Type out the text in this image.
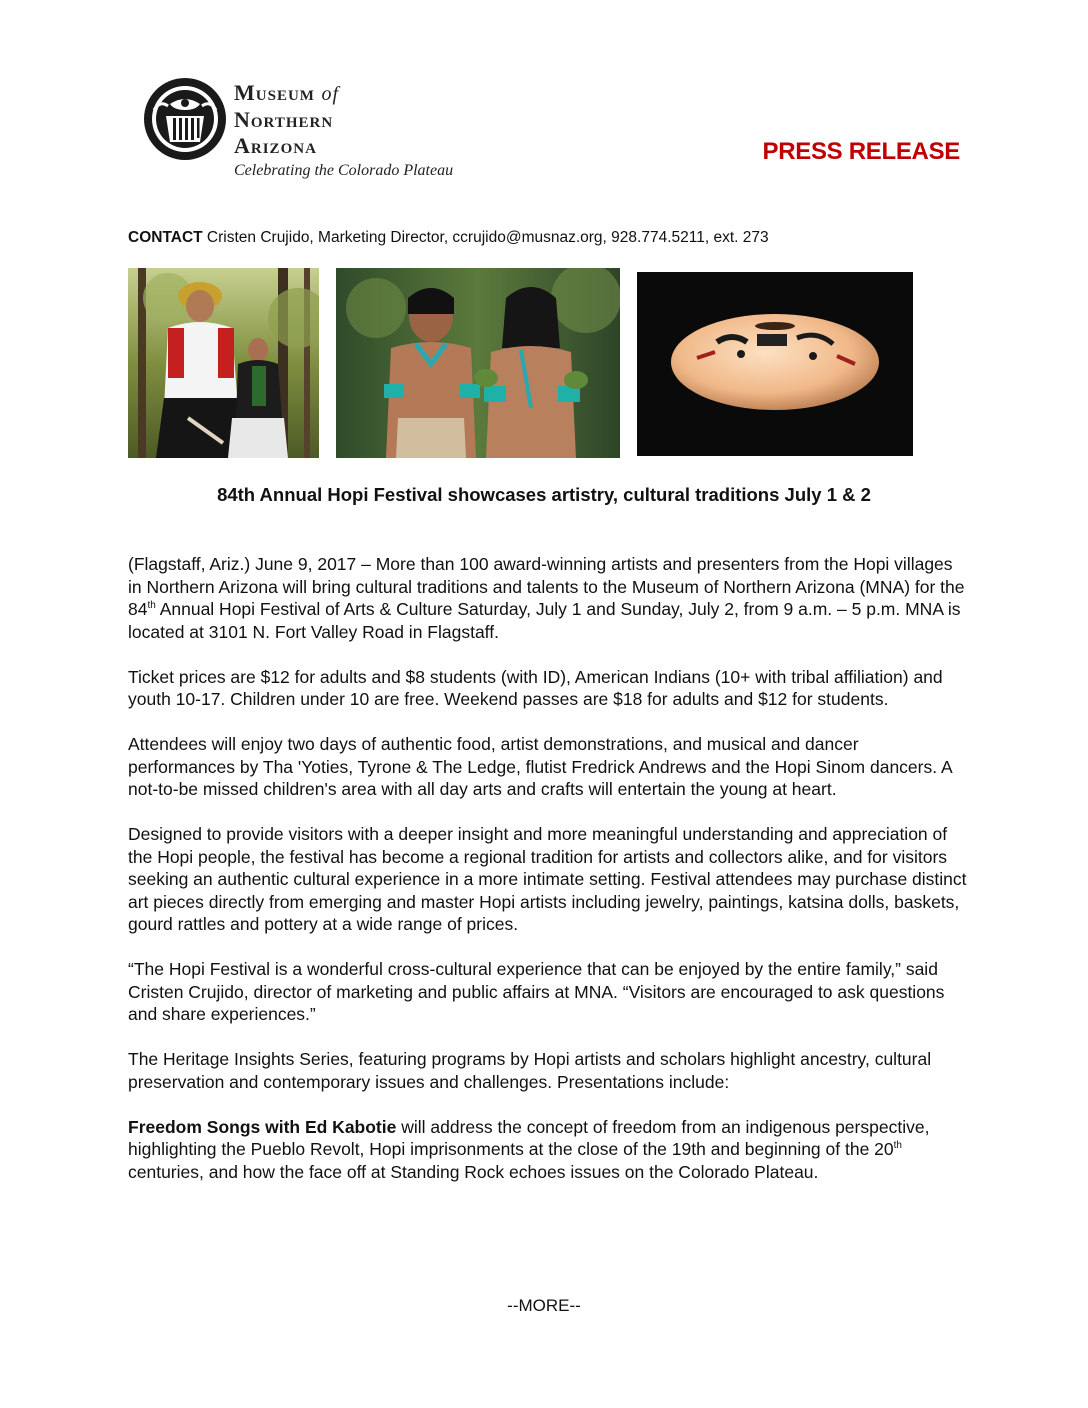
Museum of
Northern
Arizona
Celebrating the Colorado Plateau
PRESS RELEASE
CONTACT Cristen Crujido, Marketing Director, ccrujido@musnaz.org, 928.774.5211, ext. 273
84th Annual Hopi Festival showcases artistry, cultural traditions July 1 & 2

(Flagstaff, Ariz.) June 9, 2017 – More than 100 award-winning artists and presenters from the Hopi villages in Northern Arizona will bring cultural traditions and talents to the Museum of Northern Arizona (MNA) for the 84th Annual Hopi Festival of Arts & Culture Saturday, July 1 and Sunday, July 2, from 9 a.m. – 5 p.m. MNA is located at 3101 N. Fort Valley Road in Flagstaff.

Ticket prices are $12 for adults and $8 students (with ID), American Indians (10+ with tribal affiliation) and youth 10-17. Children under 10 are free. Weekend passes are $18 for adults and $12 for students.

Attendees will enjoy two days of authentic food, artist demonstrations, and musical and dancer performances by Tha 'Yoties, Tyrone & The Ledge, flutist Fredrick Andrews and the Hopi Sinom dancers. A not-to-be missed children's area with all day arts and crafts will entertain the young at heart.

Designed to provide visitors with a deeper insight and more meaningful understanding and appreciation of the Hopi people, the festival has become a regional tradition for artists and collectors alike, and for visitors seeking an authentic cultural experience in a more intimate setting. Festival attendees may purchase distinct art pieces directly from emerging and master Hopi artists including jewelry, paintings, katsina dolls, baskets, gourd rattles and pottery at a wide range of prices.

“The Hopi Festival is a wonderful cross-cultural experience that can be enjoyed by the entire family,” said Cristen Crujido, director of marketing and public affairs at MNA. “Visitors are encouraged to ask questions and share experiences.”

The Heritage Insights Series, featuring programs by Hopi artists and scholars highlight ancestry, cultural preservation and contemporary issues and challenges. Presentations include:

Freedom Songs with Ed Kabotie will address the concept of freedom from an indigenous perspective, highlighting the Pueblo Revolt, Hopi imprisonments at the close of the 19th and beginning of the 20th centuries, and how the face off at Standing Rock echoes issues on the Colorado Plateau.

--MORE--
